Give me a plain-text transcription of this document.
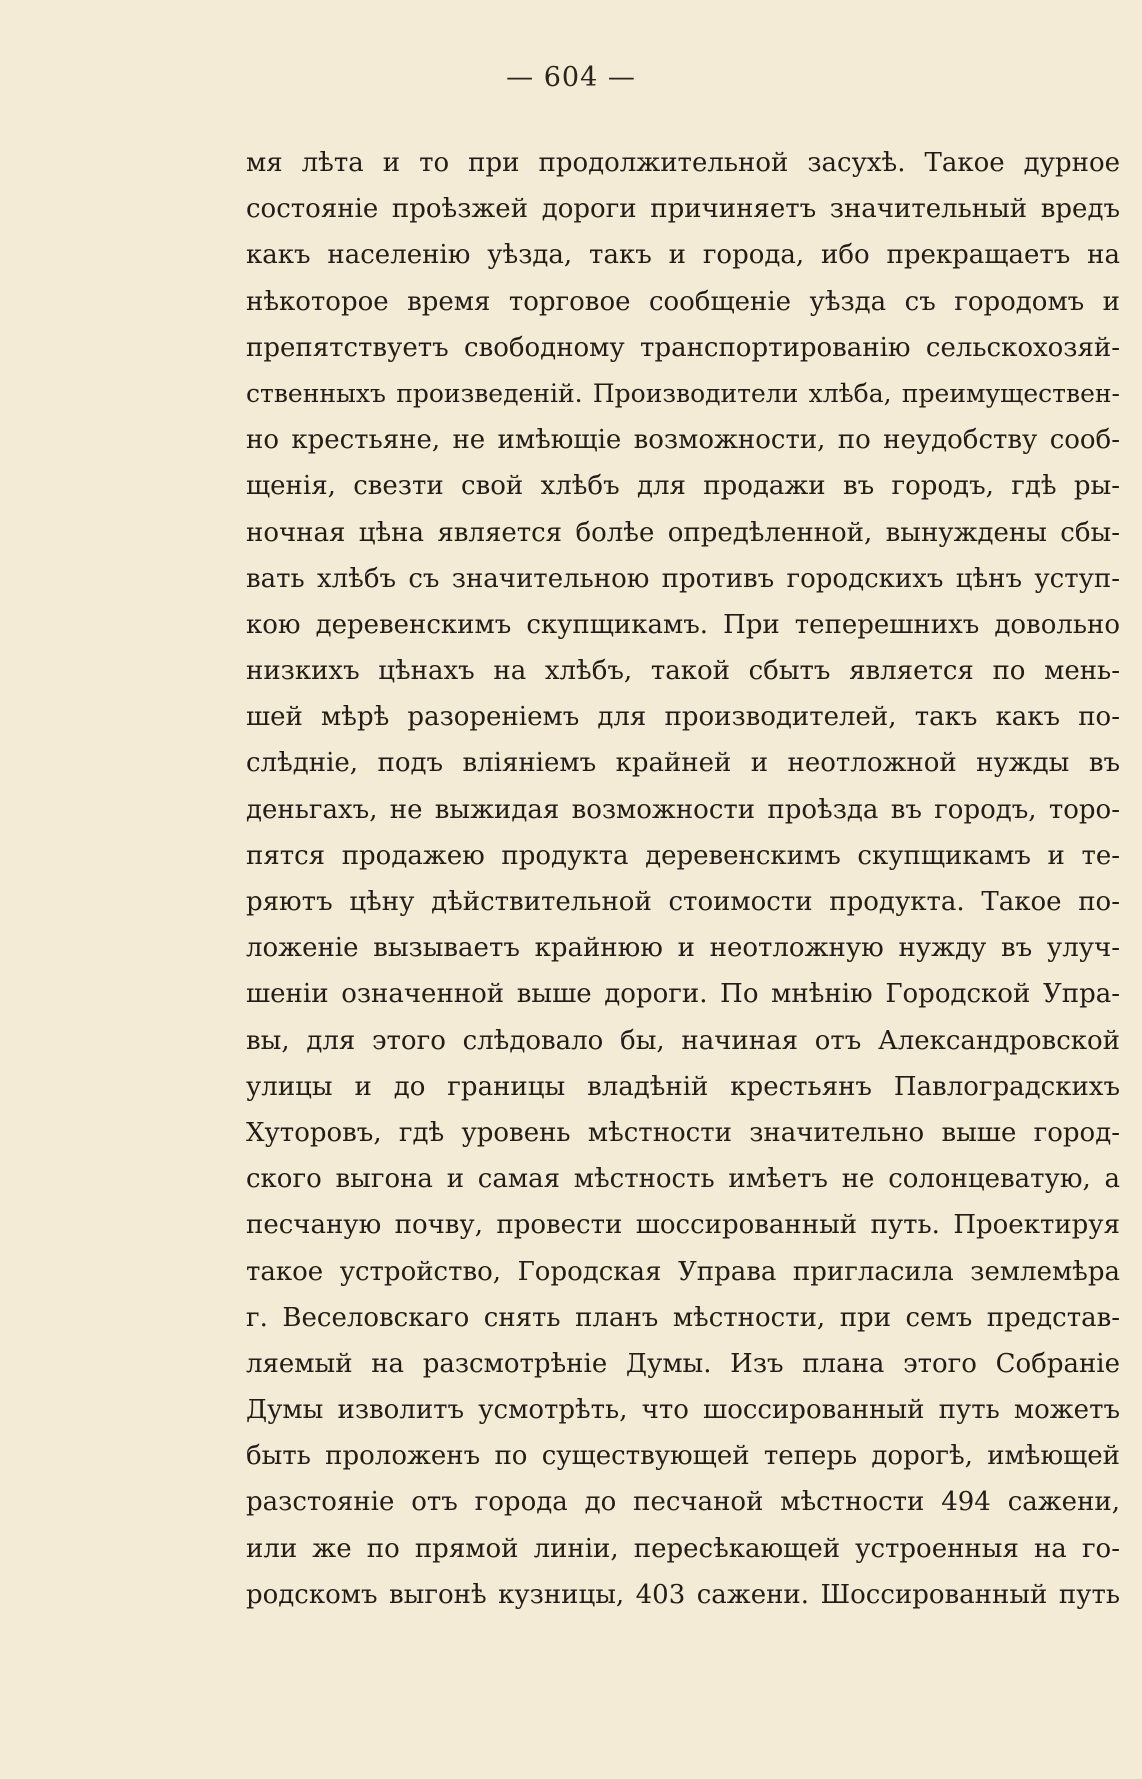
— 604 —
мя лѣта и то при продолжительной засухѣ. Такое дурное
состояніе проѣзжей дороги причиняетъ значительный вредъ
какъ населенію уѣзда, такъ и города, ибо прекращаетъ на
нѣкоторое время торговое сообщеніе уѣзда съ городомъ и
препятствуетъ свободному транспортированію сельскохозяй-
ственныхъ произведеній. Производители хлѣба, преимуществен-
но крестьяне, не имѣющіе возможности, по неудобству сооб-
щенія, свезти свой хлѣбъ для продажи въ городъ, гдѣ ры-
ночная цѣна является болѣе опредѣленной, вынуждены сбы-
вать хлѣбъ съ значительною противъ городскихъ цѣнъ уступ-
кою деревенскимъ скупщикамъ. При теперешнихъ довольно
низкихъ цѣнахъ на хлѣбъ, такой сбытъ является по мень-
шей мѣрѣ разореніемъ для производителей, такъ какъ по-
слѣдніе, подъ вліяніемъ крайней и неотложной нужды въ
деньгахъ, не выжидая возможности проѣзда въ городъ, торо-
пятся продажею продукта деревенскимъ скупщикамъ и те-
ряютъ цѣну дѣйствительной стоимости продукта. Такое по-
ложеніе вызываетъ крайнюю и неотложную нужду въ улуч-
шеніи означенной выше дороги. По мнѣнію Городской Упра-
вы, для этого слѣдовало бы, начиная отъ Александровской
улицы и до границы владѣній крестьянъ Павлоградскихъ
Хуторовъ, гдѣ уровень мѣстности значительно выше город-
ского выгона и самая мѣстность имѣетъ не солонцеватую, а
песчаную почву, провести шоссированный путь. Проектируя
такое устройство, Городская Управа пригласила землемѣра
г. Веселовскаго снять планъ мѣстности, при семъ представ-
ляемый на разсмотрѣніе Думы. Изъ плана этого Собраніе
Думы изволитъ усмотрѣть, что шоссированный путь можетъ
быть проложенъ по существующей теперь дорогѣ, имѣющей
разстояніе отъ города до песчаной мѣстности 494 сажени,
или же по прямой линіи, пересѣкающей устроенныя на го-
родскомъ выгонѣ кузницы, 403 сажени. Шоссированный путь
